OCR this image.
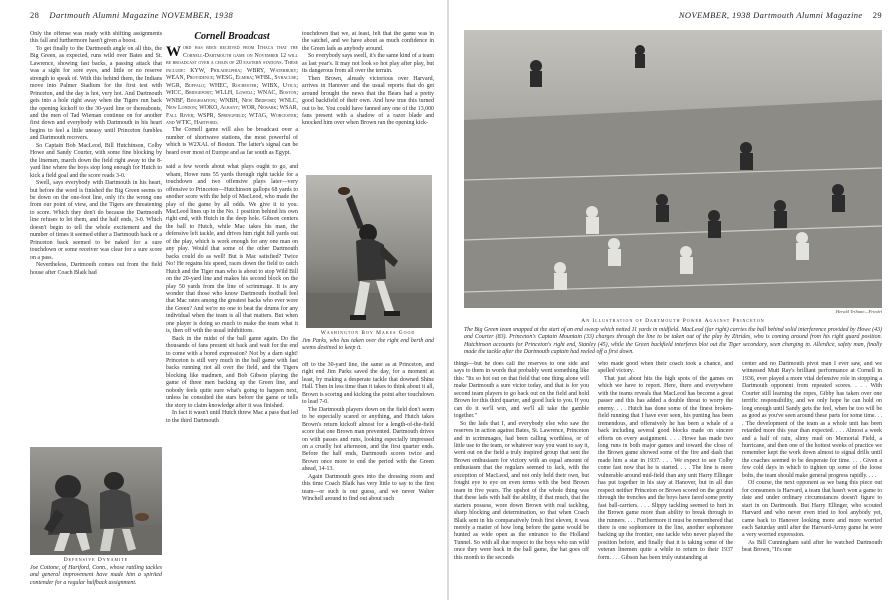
28 Dartmouth Alumni Magazine NOVEMBER, 1938

Only the offense was ready with shifting assignments this fall and furthermore hasn't given a boost.

To get finally to the Dartmouth angle on all this, the Big Green, as expected, runs wild over Bates and St. Lawrence, showing fast backs, a passing attack that was a sight for sore eyes, and little or no reserve strength to speak of. With this behind them, the Indians move into Palmer Stadium for the first test with Princeton, and the day is hot, very hot. And Dartmouth gets into a hole right away when the Tigers run back the opening kickoff to the 30-yard line or thereabouts, and the men of Tad Wieman continue on for another first down and everybody with Dartmouth in his heart begins to feel a little uneasy until Princeton fumbles and Dartmouth recovers.

So Captain Bob MacLeod, Bill Hutchinson, Colby Howe and Sandy Courter, with some fine blocking by the linemen, march down the field right away to the 8-yard line where the boys stop long enough for Hutch to kick a field goal and the score reads 3-0.

Swell, says everybody with Dartmouth in his heart, but before the word is finished the Big Green seems to be down on the one-foot line, only it's the wrong one from our point of view, and the Tigers are threatening to score. Which they don't do because the Dartmouth line refuses to let them, and the half ends, 3-0. Which doesn't begin to tell the whole excitement and the number of times it seemed either a Dartmouth back or a Princeton back seemed to be naked for a sure touchdown or some receiver was clear for a sure score on a pass.

Nevertheless, Dartmouth comes out from the field house after Coach Blaik had

Defensive Dynamite
Joe Cottone, of Hartford, Conn., whose rattling tackles and general improvement have made him a spirited contender for a regular halfback assignment.
Cornell Broadcast

Word has been received from Ithaca that the Cornell-Dartmouth game on November 12 will be broadcast over a chain of 20 eastern stations. These include: KYW, Philadelphia; WBRY, Waterbury; WEAN, Providence; WESG, Elmira; WFBL, Syracuse; WGR, Buffalo; WHEC, Rochester; WIBX, Utica; WICC, Bridgeport; WLLH, Lowell; WNAC, Boston; WNBF, Binghamton; WNBH, New Bedford; WNLC, New London; WOKO, Albany; WOR, Newark; WSAR, Fall River; WSPR, Springfield; WTAG, Worcester; and WTIC, Hartford.

The Cornell game will also be broadcast over a number of shortwave stations, the most powerful of which is W2XAL of Boston. The latter's signal can be heard over most of Europe and as far south as Egypt.

said a few words about what plays ought to go, and wham, Howe runs 55 yards through right tackle for a touchdown and two offensive plays later—very offensive to Princeton—Hutchinson gallops 68 yards to another score with the help of MacLeod, who made the play of the game by all odds. We give it to you. MacLeod lines up in the No. 1 position behind his own right end, with Hutch in the deep hole. Gibson centers the ball to Hutch, while Mac takes his man, the defensive left tackle, and drives him right full yards out of the play, which is work enough for any one man on any play. Would that some of the other Dartmouth backs could do as well! But is Mac satisfied? Twice No! He regains his speed, races down the field to catch Hutch and the Tiger man who is about to stop Wild Bill on the 20-yard line and makes his second block on the play 50 yards from the line of scrimmage. It is any wonder that those who know Dartmouth football feel that Mac rates among the greatest backs who ever wore the Green? And we're no one to beat the drums for any individual when the team is all that matters. But when one player is doing so much to make the team what it is, then off with the usual inhibitions.

Back in the midst of the ball game again. Do the thousands of fans present sit back and wait for the end to come with a bored expression? Not by a darn sight! Princeton is still very much in the ball game with fast backs running riot all over the field, and the Tigers blocking like madmen, and Bob Gibson playing the game of three men backing up the Green line, and nobody feels quite sure what's going to happen next, unless he consulted the stars before the game or tells the story to claim knowledge after it was finished.

In fact it wasn't until Hutch threw Mac a pass that led to the third Dartmouth

touchdown that we, at least, felt that the game was in the satchel, and we have about as much confidence in the Green lads as anybody around.

So everybody says swell, it's the same kind of a team as last year's. It may not look so hot play after play, but its dangerous from all over the terrain.

Then Brown, already victorious over Harvard, arrives in Hanover and the usual reports that do get around brought the news that the Bears had a pretty good backfield of their own. And how true this turned out to be. You could have fanned any one of the 13,000 fans present with a shadow of a razor blade and knocked him over when Brown ran the opening kick-

Washington Boy Makes Good
Jim Parks, who has taken over the right end berth and seems destined to keep it.

off to the 30-yard line, the same as at Princeton, and right end Jim Parks saved the day, for a moment at least, by making a desperate tackle that downed Shine Hall. Then in less time than it takes to think about it all, Brown is scoring and kicking the point after touchdown to lead 7-0.

The Dartmouth players down on the field don't seem to be especially scared or anything, and Hutch takes Brown's return kickoff almost for a length-of-the-field score that one Brown man prevented. Dartmouth drives on with passes and runs, looking especially impressed on a cruelly hot afternoon, and the first quarter ends. Before the half ends, Dartmouth scores twice and Brown once more to end the period with the Green ahead, 14-13.

Again Dartmouth goes into the dressing room and this time Coach Blaik has very little to say to the first team—or such is our guess, and we never Walter Winchell around to find out about such

NOVEMBER, 1938 Dartmouth Alumni Magazine 29
Herald Tribune—Friedel
An Illustration of Dartmouth Power Against Princeton
The Big Green team snapped at the start of an end sweep which netted 11 yards in midfield. MacLeod (far right) carries the ball behind solid interference provided by Howe (43) and Courter (83). Princeton's Captain Mountain (33) charges through the line to be taken out of the play by Zitrides, who is coming around from his right guard position. Hutchinson accounts for Princeton's right end, Stanley (45), while the Green backfield interferes blot out the Tiger secondary, seen charging in. Allerdice, safety man, finally made the tackle after the Dartmouth captain had reeled off a first down.

things—but he does call the reserves to one side and says to them in words that probably went something like this: "Its so hot out on that field that one thing alone will make Dartmouth a sure victor today, and that is for you second team players to go back out on the field and hold Brown for this third quarter, and good luck to you. If you can do it we'll win, and we'll all take the gamble together."

So the lads that I, and everybody else who saw the reserves in action against Bates, St. Lawrence, Princeton and in scrimmages, had been calling worthless, or of little use to the team, or whatever way you want to say it, went out on the field a truly inspired group that sent the Brown enthusiasm for victory with an equal amount of enthusiasm that the regulars seemed to lack, with the exception of MacLeod, and not only held their own, but fought eye to eye on even terms with the best Brown team in five years. The upshot of the whole thing was that these lads with half the ability, if that much, that the starters possess, wore down Brown with real tackling, sharp blocking and determination, so that when Coach Blaik sent in his comparatively fresh first eleven, it was merely a matter of how long before the game would be hunted as wide open as the entrance to the Holland Tunnel. So with all due respect to the boys who ran wild once they were back in the ball game, the hat goes off this month to the seconds

who made good when their coach took a chance, and spelled victory.

That just about hits the high spots of the games on which we have to report. Here, there and everywhere with the teams reveals that MacLeod has become a great passer and this has added a double threat to worry the enemy. . . . Hutch has done some of the finest broken-field running that I have ever seen, his punting has been tremendous, and offensively he has been a whale of a back including several good blocks made on sincere efforts on every assignment. . . . Howe has made two long runs in both major games and toward the close of the Brown game showed some of the fire and dash that made him a star in 1937. . . . We expect to see Colby come fast now that he is started. . . . The line is more vulnerable around mid-field than any unit Harry Ellinger has put together in his stay at Hanover, but in all due respect neither Princeton or Brown scored on the ground through the trenches and the boys have fared some pretty fast ball-carriers. . . . Slippy tackling seemed to hurt in the Brown game more than ability to break through to the runners. . . . Furthermore it must be remembered that there is one sophomore in the line, another sophomore backing up the frontier, one tackle who never played the position before, and finally that it is taking some of the veteran linemen quite a while to return to their 1937 form. . . . Gibson has been truly outstanding at

center and no Dartmouth pivot man I ever saw, and we witnessed Mutt Ray's brilliant performance at Cornell in 1936, ever played a more vital defensive role in stopping a Dartmouth opponent from repeated scores. . . . With Courter still learning the ropes, Gibby has taken over one terrific responsibility, and we only hope he can hold on long enough until Sandy gets the feel, when he too will be as good as you've seen around these parts for some time. . . . The development of the team as a whole unit has been retarded more this year than expected. . . . Almost a week and a half of rain, slimy mud on Memorial Field, a hurricane, and then one of the hottest weeks of practice we remember kept the work down almost to signal drills until the coaches seemed to be desperate for time. . . . Given a few cold days in which to tighten up some of the loose bolts, the team should make general progress rapidly. . . .

Of course, the next opponent as we bang this piece out for consumers is Harvard, a team that hasn't won a game to date and under ordinary circumstances doesn't figure to start in on Dartmouth. But Harry Ellinger, who scouted Harvard and who never even tried to fool anybody yet, came back to Hanover looking more and more worried each Saturday until after the Harvard-Army game he wore a very worried expression.

As Bill Cunningham said after he watched Dartmouth beat Brown, "It's one
